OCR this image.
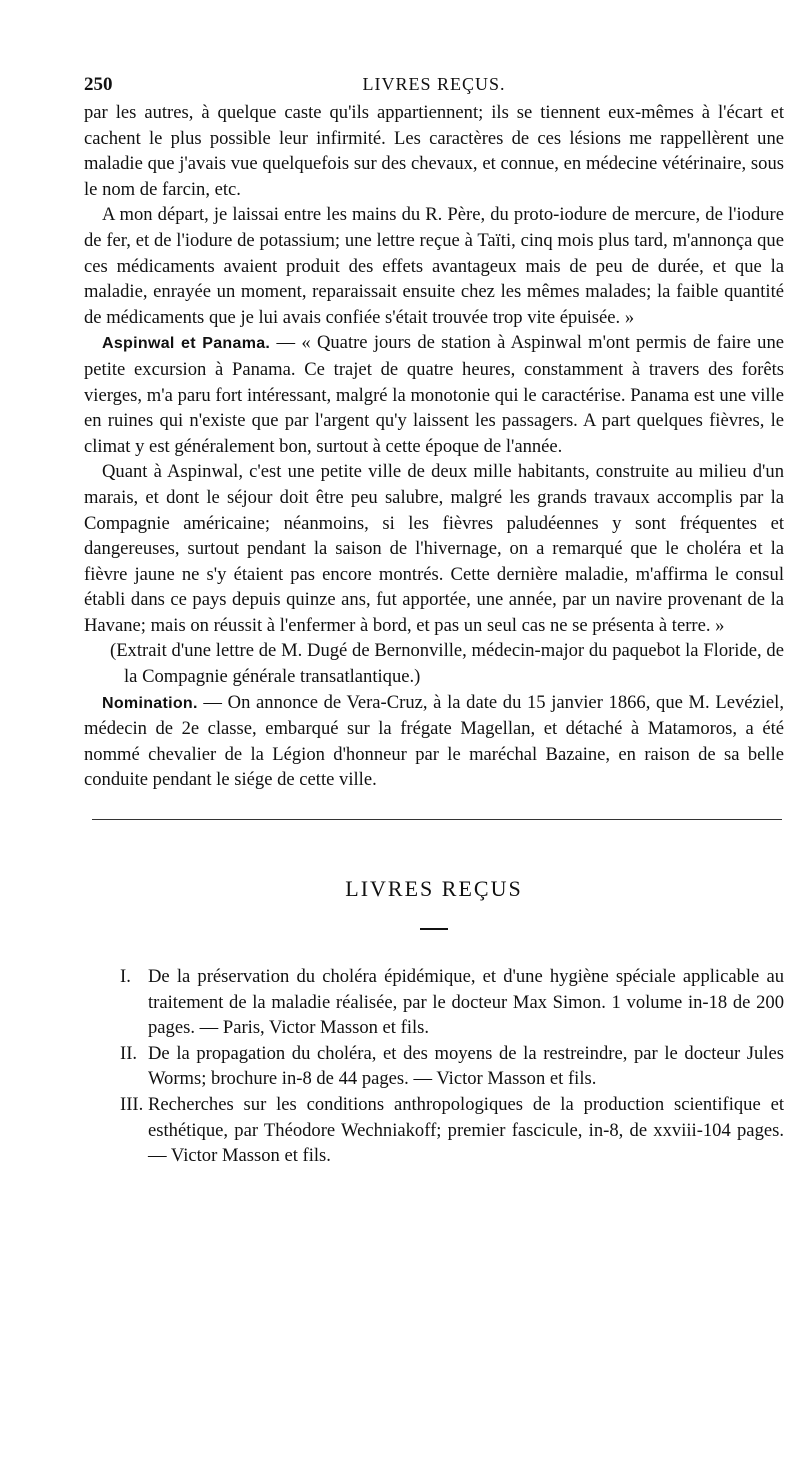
250	LIVRES REÇUS.

par les autres, à quelque caste qu'ils appartiennent; ils se tiennent eux-mêmes à l'écart et cachent le plus possible leur infirmité. Les caractères de ces lésions me rappellèrent une maladie que j'avais vue quelquefois sur des chevaux, et connue, en médecine vétérinaire, sous le nom de farcin, etc.

A mon départ, je laissai entre les mains du R. Père, du proto-iodure de mercure, de l'iodure de fer, et de l'iodure de potassium; une lettre reçue à Taïti, cinq mois plus tard, m'annonça que ces médicaments avaient produit des effets avantageux mais de peu de durée, et que la maladie, enrayée un moment, reparaissait ensuite chez les mêmes malades; la faible quantité de médicaments que je lui avais confiée s'était trouvée trop vite épuisée. »

Aspinwal et Panama. — « Quatre jours de station à Aspinwal m'ont permis de faire une petite excursion à Panama. Ce trajet de quatre heures, constamment à travers des forêts vierges, m'a paru fort intéressant, malgré la monotonie qui le caractérise. Panama est une ville en ruines qui n'existe que par l'argent qu'y laissent les passagers. A part quelques fièvres, le climat y est généralement bon, surtout à cette époque de l'année.

Quant à Aspinwal, c'est une petite ville de deux mille habitants, construite au milieu d'un marais, et dont le séjour doit être peu salubre, malgré les grands travaux accomplis par la Compagnie américaine; néanmoins, si les fièvres paludéennes y sont fréquentes et dangereuses, surtout pendant la saison de l'hivernage, on a remarqué que le choléra et la fièvre jaune ne s'y étaient pas encore montrés. Cette dernière maladie, m'affirma le consul établi dans ce pays depuis quinze ans, fut apportée, une année, par un navire provenant de la Havane; mais on réussit à l'enfermer à bord, et pas un seul cas ne se présenta à terre. »

(Extrait d'une lettre de M. Dugé de Bernonville, médecin-major du paquebot la Floride, de la Compagnie générale transatlantique.)

Nomination. — On annonce de Vera-Cruz, à la date du 15 janvier 1866, que M. Levéziel, médecin de 2e classe, embarqué sur la frégate Magellan, et détaché à Matamoros, a été nommé chevalier de la Légion d'honneur par le maréchal Bazaine, en raison de sa belle conduite pendant le siége de cette ville.

LIVRES REÇUS
I. De la préservation du choléra épidémique, et d'une hygiène spéciale applicable au traitement de la maladie réalisée, par le docteur Max Simon. 1 volume in-18 de 200 pages. — Paris, Victor Masson et fils.
II. De la propagation du choléra, et des moyens de la restreindre, par le docteur Jules Worms; brochure in-8 de 44 pages. — Victor Masson et fils.
III. Recherches sur les conditions anthropologiques de la production scientifique et esthétique, par Théodore Wechniakoff; premier fascicule, in-8, de xxviii-104 pages. — Victor Masson et fils.
